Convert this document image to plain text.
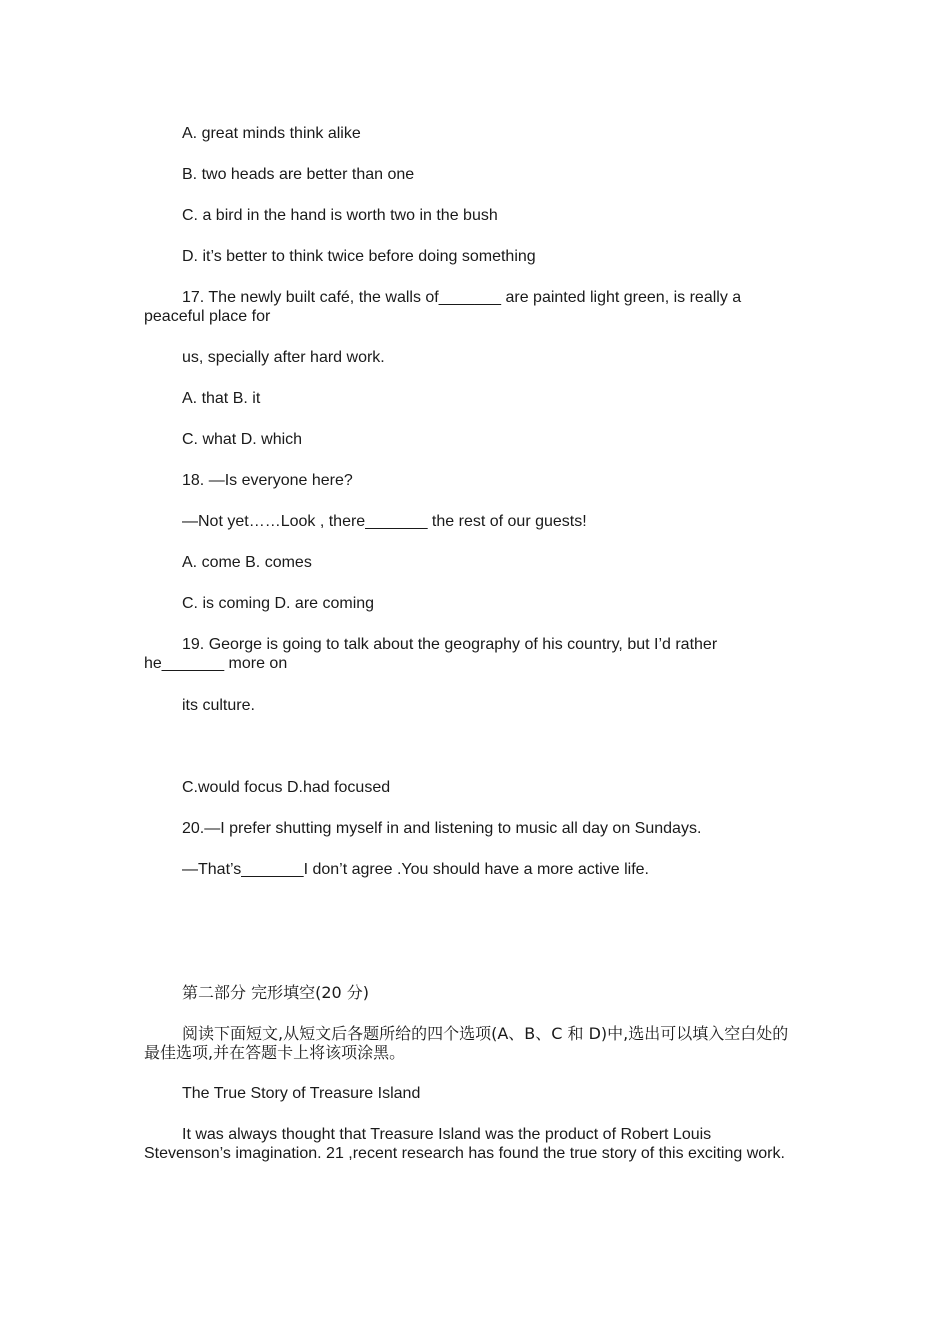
A. great minds think alike
B. two heads are better than one
C. a bird in the hand is worth two in the bush
D. it’s better to think twice before doing something
17. The newly built café, the walls of_______ are painted light green, is really a peaceful place for
us, specially after hard work.
A. that B. it
C. what D. which
18. —Is everyone here?
—Not yet……Look , there_______ the rest of our guests!
A. come B. comes
C. is coming D. are coming
19. George is going to talk about the geography of his country, but I’d rather he_______ more on
its culture.
C.would focus D.had focused
20.—I prefer shutting myself in and listening to music all day on Sundays.
—That’s_______I don’t agree .You should have a more active life.
第二部分 完形填空(20 分)
阅读下面短文,从短文后各题所给的四个选项(A、B、C 和 D)中,选出可以填入空白处的最佳选项,并在答题卡上将该项涂黑。
The True Story of Treasure Island
It was always thought that Treasure Island was the product of Robert Louis Stevenson’s imagination. 21 ,recent research has found the true story of this exciting work.
